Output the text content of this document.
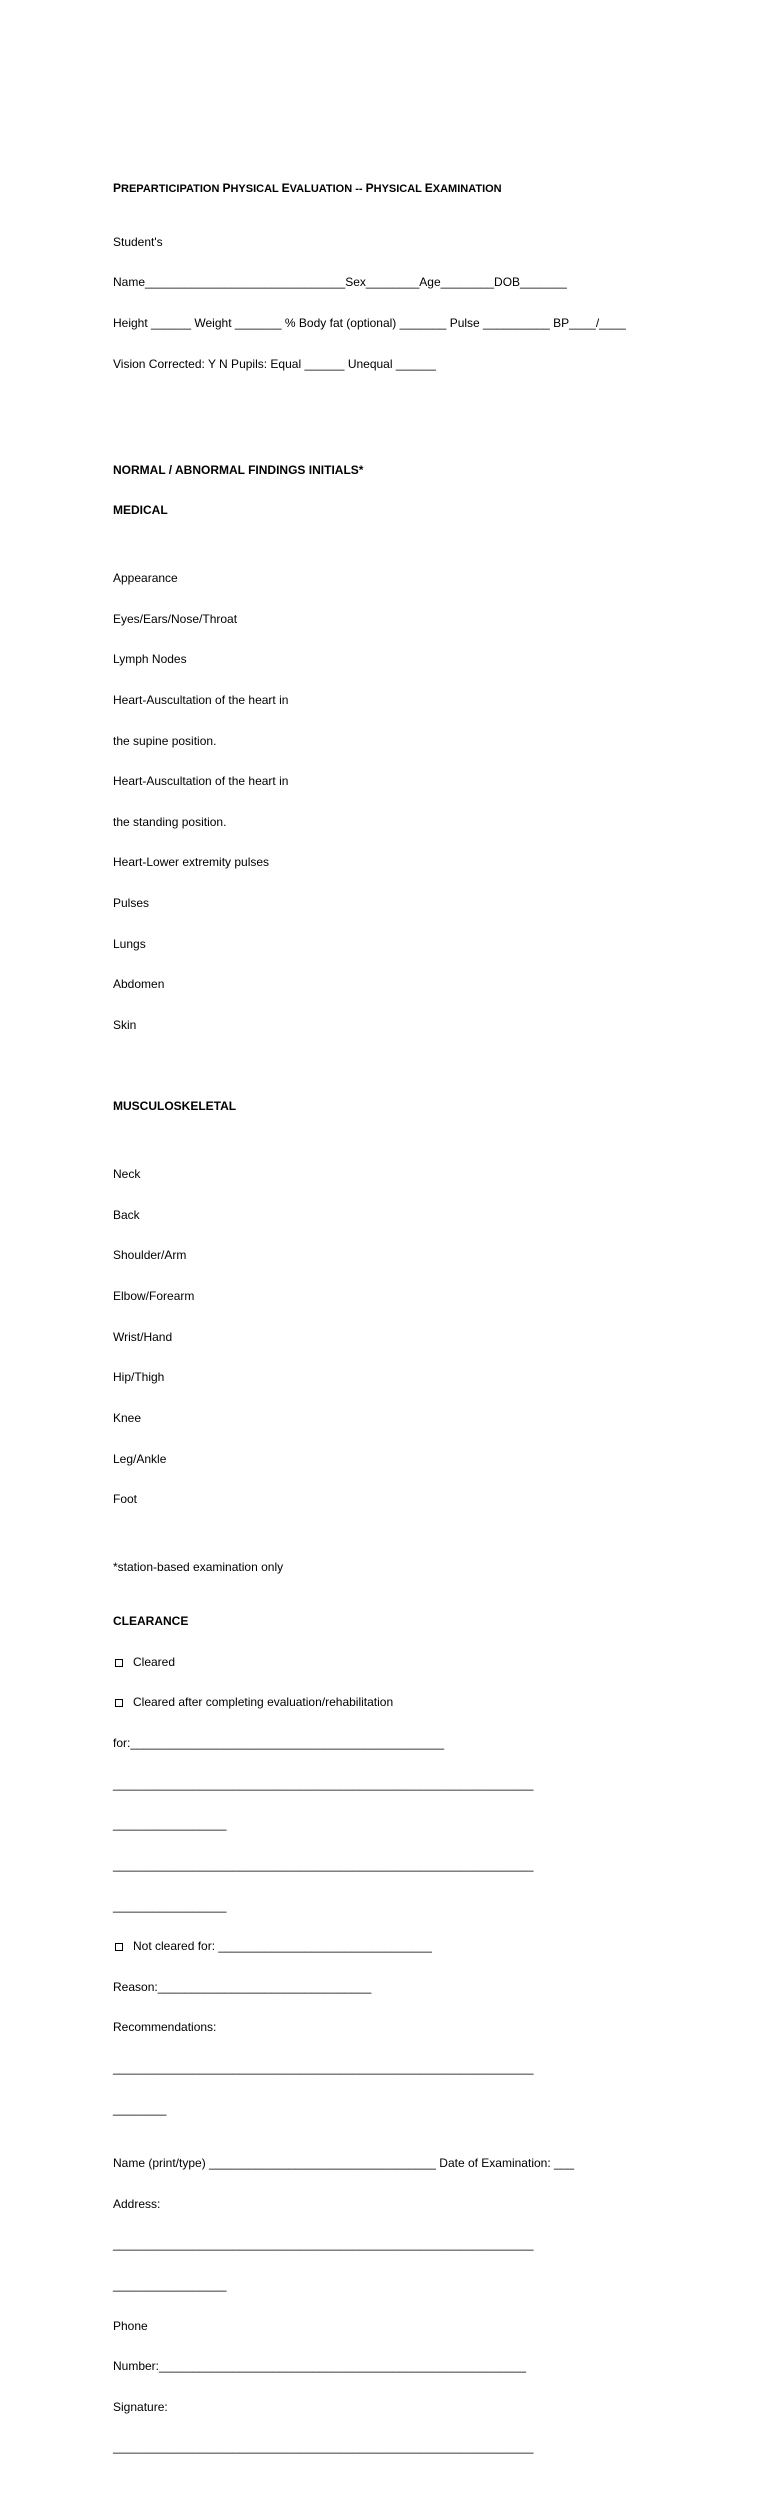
PREPARTICIPATION PHYSICAL EVALUATION -- PHYSICAL EXAMINATION

Student's

Name______________________________Sex________Age________DOB_______

Height ______ Weight _______ % Body fat (optional) _______ Pulse __________ BP____/____

Vision Corrected: Y N Pupils: Equal ______ Unequal ______

NORMAL / ABNORMAL FINDINGS INITIALS*

MEDICAL

Appearance

Eyes/Ears/Nose/Throat

Lymph Nodes

Heart-Auscultation of the heart in

the supine position.

Heart-Auscultation of the heart in

the standing position.

Heart-Lower extremity pulses

Pulses

Lungs

Abdomen

Skin

MUSCULOSKELETAL

Neck

Back

Shoulder/Arm

Elbow/Forearm

Wrist/Hand

Hip/Thigh

Knee

Leg/Ankle

Foot

*station-based examination only

CLEARANCE

Cleared

Cleared after completing evaluation/rehabilitation

for:_______________________________________________

_______________________________________________________________

_________________

_______________________________________________________________

_________________

Not cleared for: ________________________________

Reason:________________________________

Recommendations:

_______________________________________________________________

________

Name (print/type) __________________________________ Date of Examination: ___

Address:

_______________________________________________________________

_________________

Phone

Number:_______________________________________________________

Signature:

_______________________________________________________________
